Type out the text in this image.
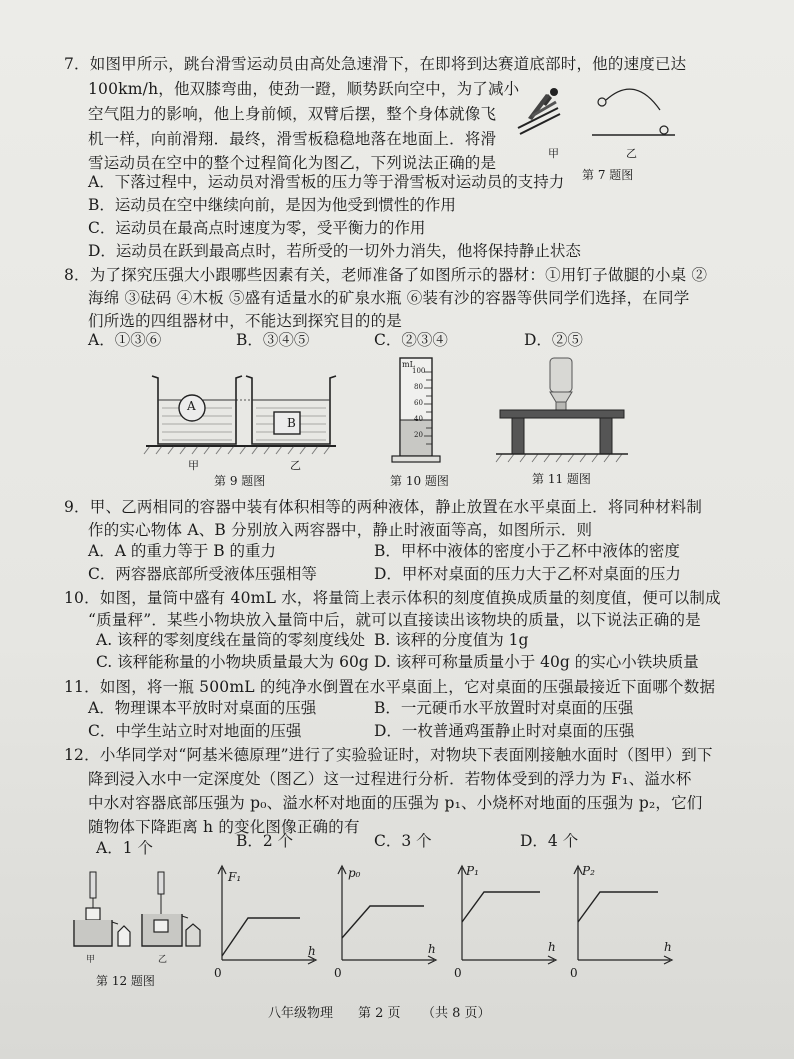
7．如图甲所示，跳台滑雪运动员由高处急速滑下，在即将到达赛道底部时，他的速度已达
100km/h，他双膝弯曲，使劲一蹬，顺势跃向空中，为了减小
空气阻力的影响，他上身前倾，双臂后摆，整个身体就像飞
机一样，向前滑翔．最终，滑雪板稳稳地落在地面上．将滑
雪运动员在空中的整个过程简化为图乙，下列说法正确的是
A．下落过程中，运动员对滑雪板的压力等于滑雪板对运动员的支持力
B．运动员在空中继续向前，是因为他受到惯性的作用
C．运动员在最高点时速度为零，受平衡力的作用
D．运动员在跃到最高点时，若所受的一切外力消失，他将保持静止状态
甲	乙
第 7 题图
8．为了探究压强大小跟哪些因素有关，老师准备了如图所示的器材：①用钉子做腿的小桌 ②
海绵 ③砝码 ④木板 ⑤盛有适量水的矿泉水瓶 ⑥装有沙的容器等供同学们选择，在同学
们所选的四组器材中，不能达到探究目的的是
A．①③⑥	B．③④⑤	C．②③④	D．②⑤
A
B
甲	乙
第 9 题图
mL
100
80
60
40
20
第 10 题图	第 11 题图
9．甲、乙两相同的容器中装有体积相等的两种液体，静止放置在水平桌面上．将同种材料制
作的实心物体 A、B 分别放入两容器中，静止时液面等高，如图所示．则
A．A 的重力等于 B 的重力	B．甲杯中液体的密度小于乙杯中液体的密度
C．两容器底部所受液体压强相等	D．甲杯对桌面的压力大于乙杯对桌面的压力
10．如图，量筒中盛有 40mL 水，将量筒上表示体积的刻度值换成质量的刻度值，便可以制成
“质量秤”．某些小物块放入量筒中后，就可以直接读出该物块的质量，以下说法正确的是
A. 该秤的零刻度线在量筒的零刻度线处 B. 该秤的分度值为 1g
C. 该秤能称量的小物块质量最大为 60g D. 该秤可称量质量小于 40g 的实心小铁块质量
11．如图，将一瓶 500mL 的纯净水倒置在水平桌面上，它对桌面的压强最接近下面哪个数据
A．物理课本平放时对桌面的压强	B．一元硬币水平放置时对桌面的压强
C．中学生站立时对地面的压强	D．一枚普通鸡蛋静止时对桌面的压强
12．小华同学对“阿基米德原理”进行了实验验证时，对物块下表面刚接触水面时（图甲）到下
降到浸入水中一定深度处（图乙）这一过程进行分析．若物体受到的浮力为 F₁、溢水杯
中水对容器底部压强为 p₀、溢水杯对地面的压强为 p₁、小烧杯对地面的压强为 p₂，它们
随物体下降距离 h 的变化图像正确的有
A．1 个	B．2 个	C．3 个	D．4 个
甲	乙
第 12 题图
F₁
h
0
p₀
h
0
P₁
h
0
P₂
h
0
八年级物理 第 2 页 （共 8 页）
